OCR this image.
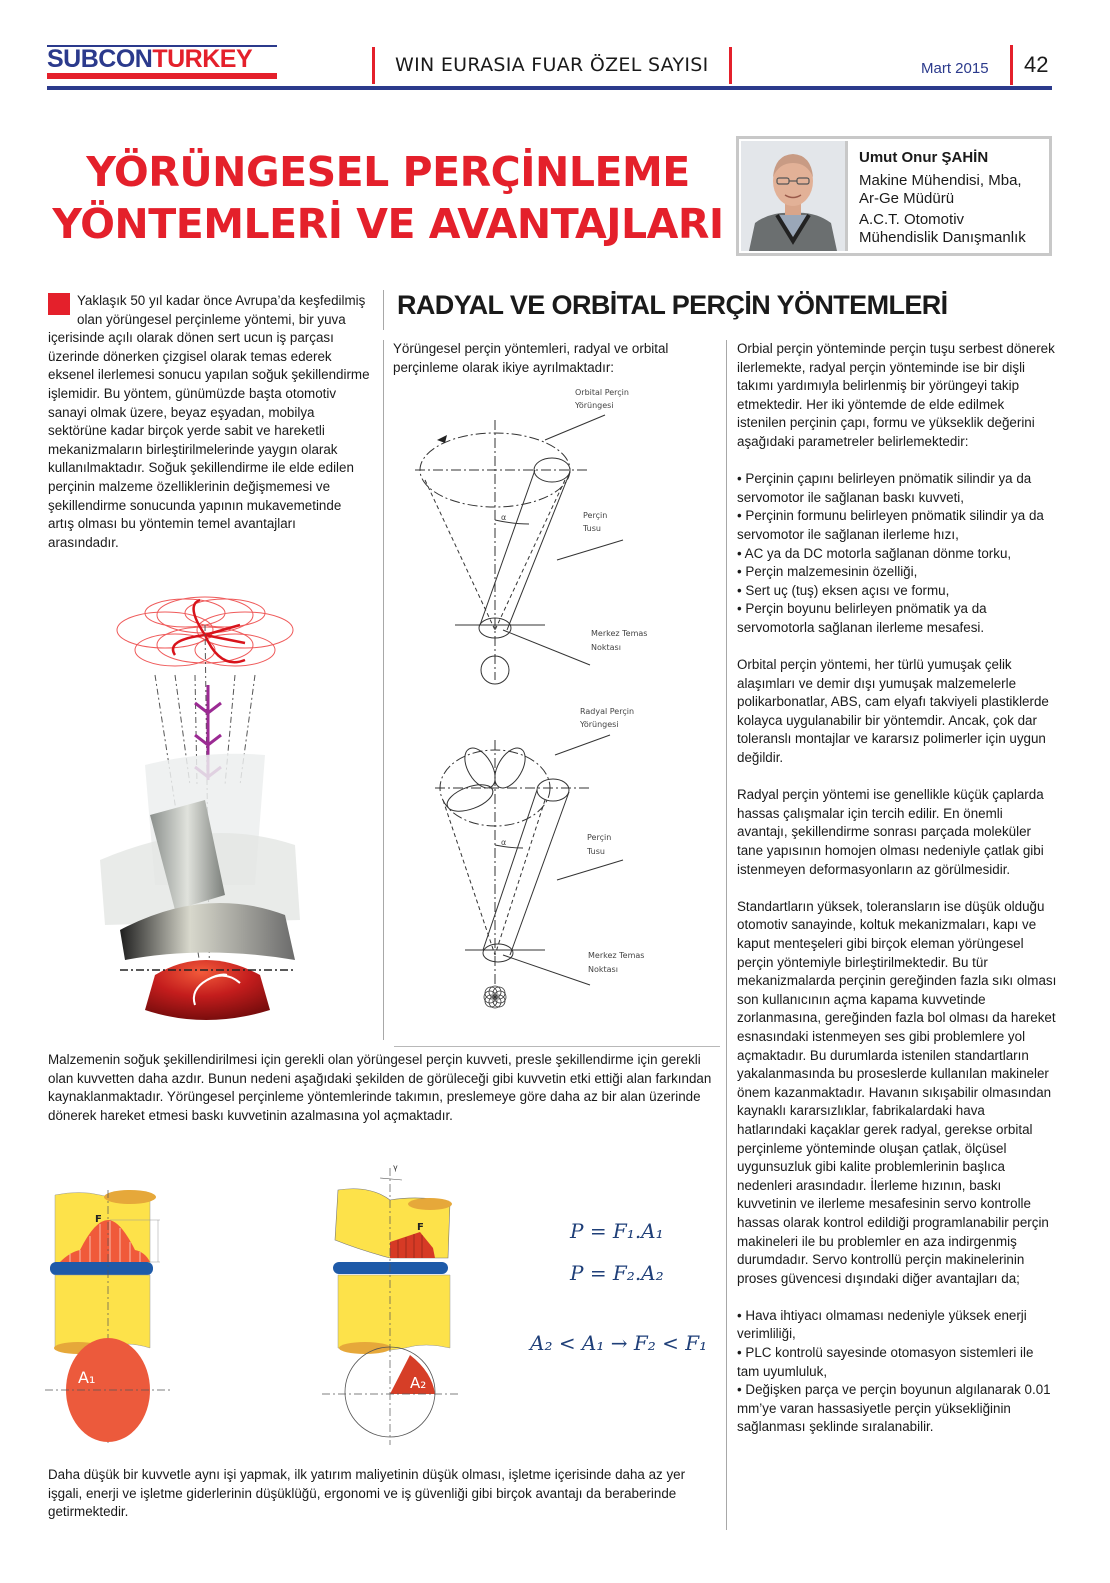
SUBCONTURKEY	WIN EURASIA FUAR ÖZEL SAYISI	Mart 2015 42
YÖRÜNGESEL PERÇİNLEME
YÖNTEMLERİ VE AVANTAJLARI
Umut Onur ŞAHİN
Makine Mühendisi, Mba,
Ar-Ge Müdürü
A.C.T. Otomotiv
Mühendislik Danışmanlık
Yaklaşık 50 yıl kadar önce Avrupa’da keşfedilmiş olan yörüngesel perçinleme yöntemi, bir yuva içerisinde açılı olarak dönen sert ucun iş parçası üzerinde dönerken çizgisel olarak temas ederek eksenel ilerlemesi sonucu yapılan soğuk şekillendirme işlemidir. Bu yöntem, günümüzde başta otomotiv sanayi olmak üzere, beyaz eşyadan, mobilya sektörüne kadar birçok yerde sabit ve hareketli mekanizmaların birleştirilmelerinde yaygın olarak kullanılmaktadır. Soğuk şekillendirme ile elde edilen perçinin malzeme özelliklerinin değişmemesi ve şekillendirme sonucunda yapının mukavemetinde artış olması bu yöntemin temel avantajları arasındadır.
RADYAL VE ORBİTAL PERÇİN YÖNTEMLERİ
Yörüngesel perçin yöntemleri, radyal ve orbital perçinleme olarak ikiye ayrılmaktadır:
α
Orbital Perçin
Yörüngesi
Perçin
Tusu
Merkez Temas
Noktası
α
Radyal Perçin
Yörüngesi
Perçin
Tusu
Merkez Temas
Noktası

Orbial perçin yönteminde perçin tuşu serbest dönerek ilerlemekte, radyal perçin yönteminde ise bir dişli takımı yardımıyla belirlenmiş bir yörüngeyi takip etmektedir. Her iki yöntemde de elde edilmek istenilen perçinin çapı, formu ve yükseklik değerini aşağıdaki parametreler belirlemektedir:

• Perçinin çapını belirleyen pnömatik silindir ya da servomotor ile sağlanan baskı kuvveti,

• Perçinin formunu belirleyen pnömatik silindir ya da servomotor ile sağlanan ilerleme hızı,

• AC ya da DC motorla sağlanan dönme torku,

• Perçin malzemesinin özelliği,

• Sert uç (tuş) eksen açısı ve formu,

• Perçin boyunu belirleyen pnömatik ya da servomotorla sağlanan ilerleme mesafesi.

Orbital perçin yöntemi, her türlü yumuşak çelik alaşımları ve demir dışı yumuşak malzemelerle polikarbonatlar, ABS, cam elyafı takviyeli plastiklerde kolayca uygulanabilir bir yöntemdir. Ancak, çok dar toleranslı montajlar ve kararsız polimerler için uygun değildir.

Radyal perçin yöntemi ise genellikle küçük çaplarda hassas çalışmalar için tercih edilir. En önemli avantajı, şekillendirme sonrası parçada moleküler tane yapısının homojen olması nedeniyle çatlak gibi istenmeyen deformasyonların az görülmesidir.

Standartların yüksek, toleransların ise düşük olduğu otomotiv sanayinde, koltuk mekanizmaları, kapı ve kaput menteşeleri gibi birçok eleman yörüngesel perçin yöntemiyle birleştirilmektedir. Bu tür mekanizmalarda perçinin gereğinden fazla sıkı olması son kullanıcının açma kapama kuvvetinde zorlanmasına, gereğinden fazla bol olması da hareket esnasındaki istenmeyen ses gibi problemlere yol açmaktadır. Bu durumlarda istenilen standartların yakalanmasında bu proseslerde kullanılan makineler önem kazanmaktadır. Havanın sıkışabilir olmasından kaynaklı kararsızlıklar, fabrikalardaki hava hatlarındaki kaçaklar gerek radyal, gerekse orbital perçinleme yönteminde oluşan çatlak, ölçüsel uygunsuzluk gibi kalite problemlerinin başlıca nedenleri arasındadır. İlerleme hızının, baskı kuvvetinin ve ilerleme mesafesinin servo kontrolle hassas olarak kontrol edildiği programlanabilir perçin makineleri ile bu problemler en aza indirgenmiş durumdadır. Servo kontrollü perçin makinelerinin proses güvencesi dışındaki diğer avantajları da;

• Hava ihtiyacı olmaması nedeniyle yüksek enerji verimliliği,

• PLC kontrolü sayesinde otomasyon sistemleri ile tam uyumluluk,

• Değişken parça ve perçin boyunun algılanarak 0.01 mm’ye varan hassasiyetle perçin yüksekliğinin sağlanması şeklinde sıralanabilir.

Malzemenin soğuk şekillendirilmesi için gerekli olan yörüngesel perçin kuvveti, presle şekillendirme için gerekli olan kuvvetten daha azdır. Bunun nedeni aşağıdaki şekilden de görüleceği gibi kuvvetin etki ettiği alan farkından kaynaklanmaktadır. Yörüngesel perçinleme yöntemlerinde takımın, preslemeye göre daha az bir alan üzerinde dönerek hareket etmesi baskı kuvvetinin azalmasına yol açmaktadır.
F
A₁
γ
F
A₂
P = F₁.A₁
P = F₂.A₂
A₂ < A₁ → F₂ < F₁
Daha düşük bir kuvvetle aynı işi yapmak, ilk yatırım maliyetinin düşük olması, işletme içerisinde daha az yer işgali, enerji ve işletme giderlerinin düşüklüğü, ergonomi ve iş güvenliği gibi birçok avantajı da beraberinde getirmektedir.
